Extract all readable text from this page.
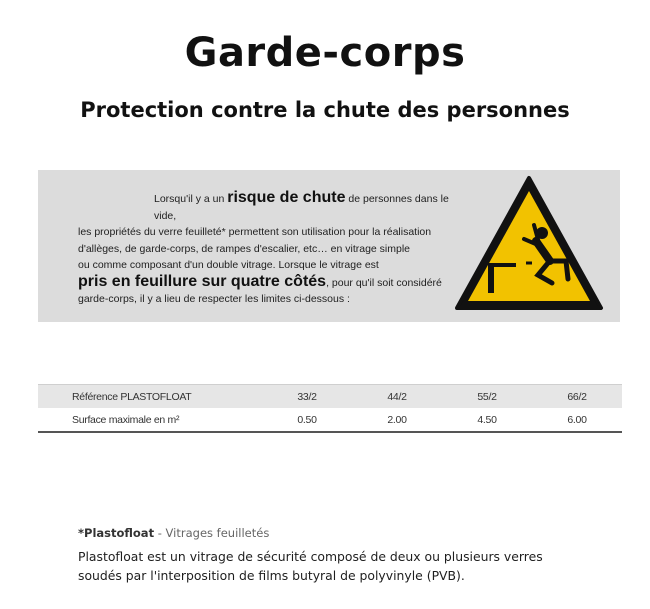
Garde-corps
Protection contre la chute des personnes
Lorsqu'il y a un risque de chute de personnes dans le vide,
les propriétés du verre feuilleté* permettent son utilisation pour la réalisation
d'allèges, de garde-corps, de rampes d'escalier, etc… en vitrage simple
ou comme composant d'un double vitrage. Lorsque le vitrage est
pris en feuillure sur quatre côtés, pour qu'il soit considéré
garde-corps, il y a lieu de respecter les limites ci-dessous :
Référence PLASTOFLOAT	33/2	44/2	55/2	66/2
Surface maximale en m²	0.50	2.00	4.50	6.00
*Plastofloat - Vitrages feuilletés
Plastofloat est un vitrage de sécurité composé de deux ou plusieurs verres
soudés par l'interposition de films butyral de polyvinyle (PVB).
